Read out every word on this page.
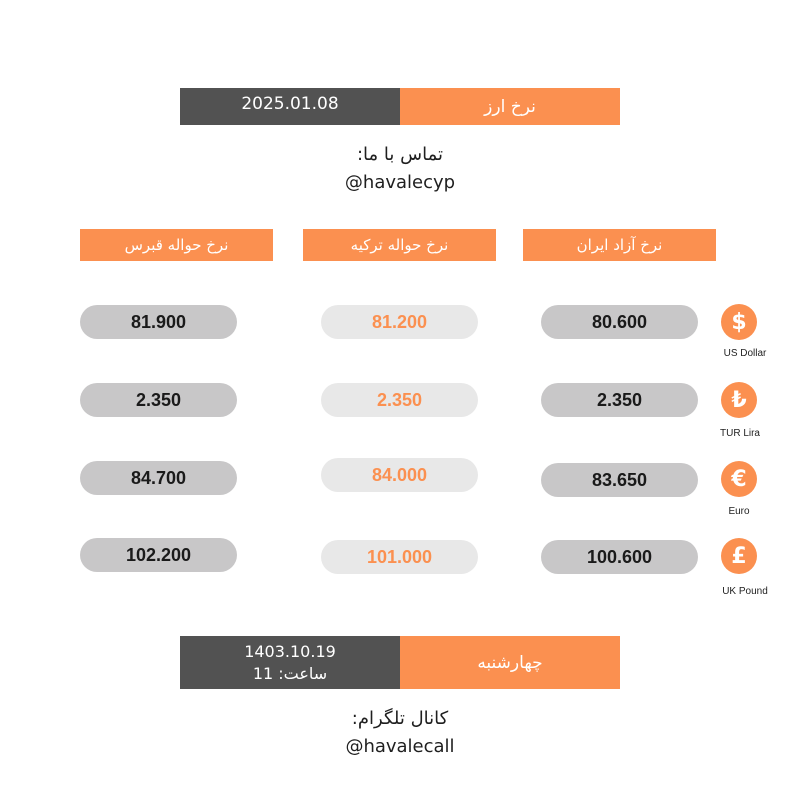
2025.01.08	نرخ ارز
تماس با ما:
@havalecyp
نرخ حواله قبرس	نرخ حواله ترکیه	نرخ آزاد ایران
81.900	81.200	80.600	$
US Dollar
2.350	2.350	2.350	₺
TUR Lira
84.700	84.000	83.650	€
Euro
102.200	101.000	100.600	£
UK Pound
1403.10.19
ساعت: 11
چهارشنبه
کانال تلگرام:
@havalecall
